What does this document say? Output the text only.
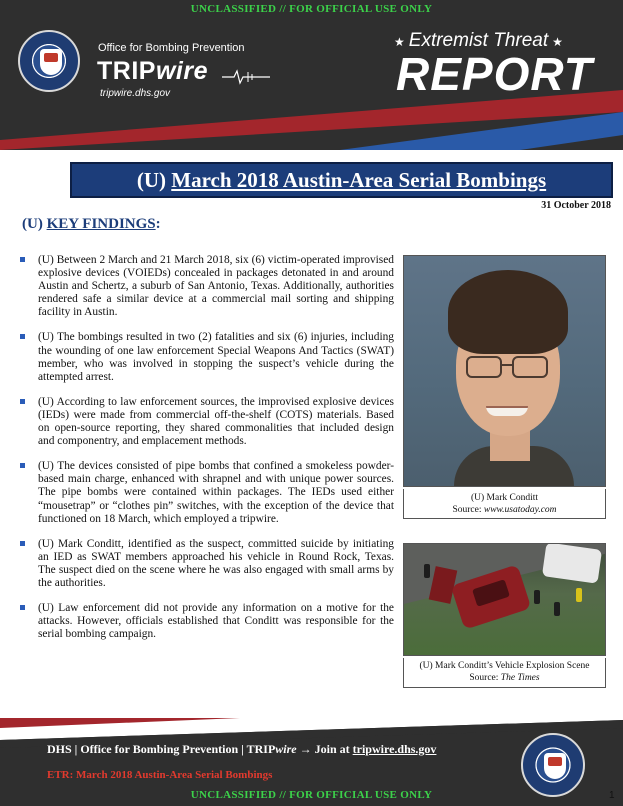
UNCLASSIFIED // FOR OFFICIAL USE ONLY
Office for Bombing Prevention
TRIPwire
tripwire.dhs.gov
★ Extremist Threat ★
REPORT
(U) March 2018 Austin-Area Serial Bombings
31 October 2018
(U) KEY FINDINGS:
(U) Between 2 March and 21 March 2018, six (6) victim-operated improvised explosive devices (VOIEDs) concealed in packages detonated in and around Austin and Schertz, a suburb of San Antonio, Texas. Additionally, authorities rendered safe a similar device at a commercial mail sorting and shipping facility in Austin.
(U) The bombings resulted in two (2) fatalities and six (6) injuries, including the wounding of one law enforcement Special Weapons And Tactics (SWAT) member, who was involved in stopping the suspect’s vehicle during the attempted arrest.
(U) According to law enforcement sources, the improvised explosive devices (IEDs) were made from commercial off-the-shelf (COTS) materials. Based on open-source reporting, they shared commonalities that included design and componentry, and emplacement methods.
(U) The devices consisted of pipe bombs that confined a smokeless powder-based main charge, enhanced with shrapnel and with unique power sources. The pipe bombs were contained within packages. The IEDs used either “mousetrap” or “clothes pin” switches, with the exception of the device that functioned on 18 March, which employed a tripwire.
(U) Mark Conditt, identified as the suspect, committed suicide by initiating an IED as SWAT members approached his vehicle in Round Rock, Texas. The suspect died on the scene where he was also engaged with small arms by the authorities.
(U) Law enforcement did not provide any information on a motive for the attacks. However, officials established that Conditt was responsible for the serial bombing campaign.
(U) Mark Conditt
Source: www.usatoday.com
(U) Mark Conditt’s Vehicle Explosion Scene
Source: The Times
DHS | Office for Bombing Prevention | TRIPwire → Join at tripwire.dhs.gov
ETR: March 2018 Austin-Area Serial Bombings
UNCLASSIFIED // FOR OFFICIAL USE ONLY	1
